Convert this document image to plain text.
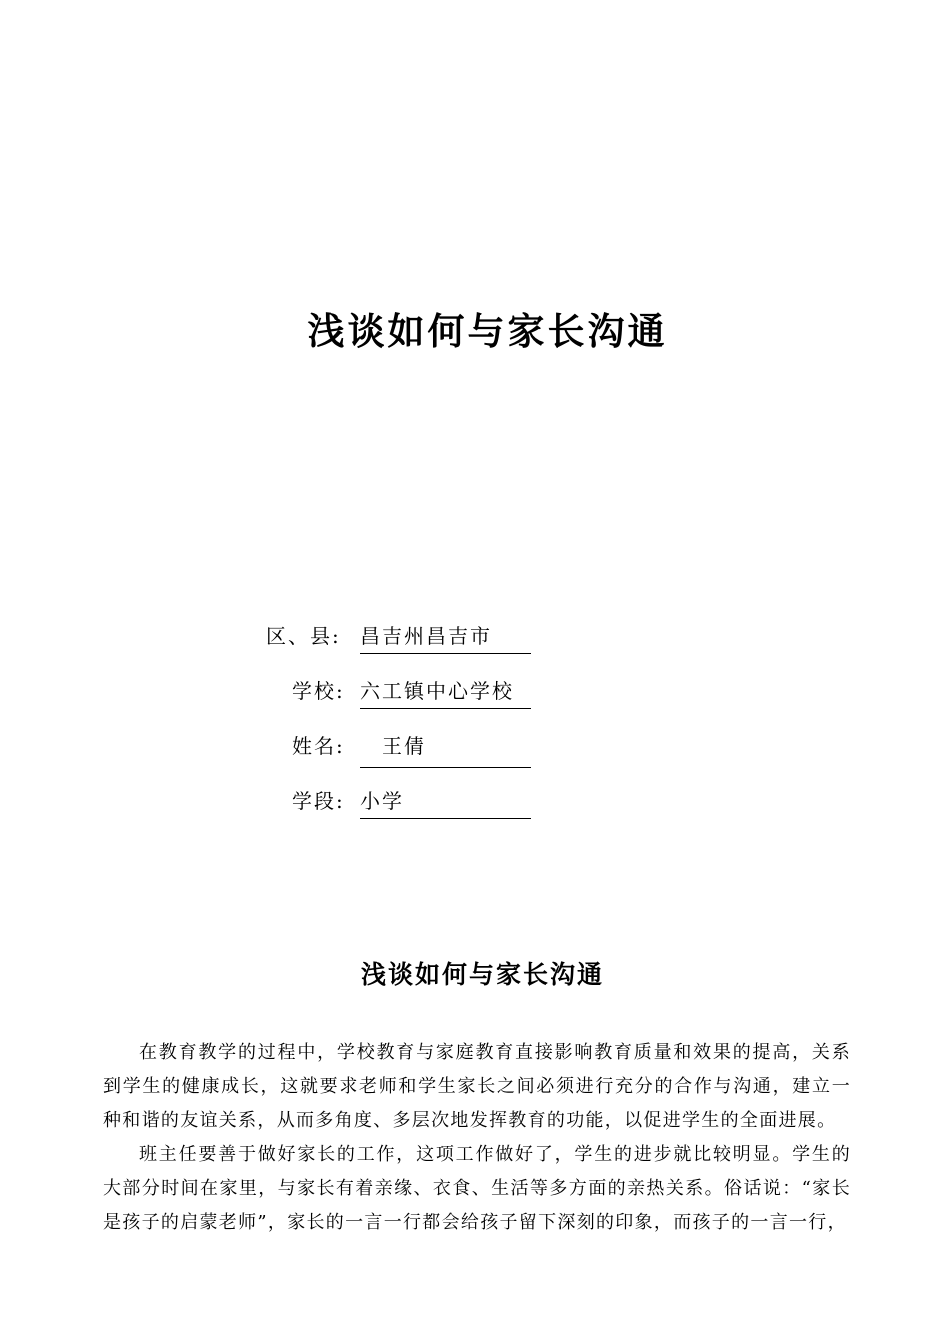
浅谈如何与家长沟通
区、县: 昌吉州昌吉市
学校: 六工镇中心学校
姓名:	王倩
学段: 小学
浅谈如何与家长沟通

在教育教学的过程中，学校教育与家庭教育直接影响教育质量和效果的提高，关系到学生的健康成长，这就要求老师和学生家长之间必须进行充分的合作与沟通，建立一种和谐的友谊关系，从而多角度、多层次地发挥教育的功能，以促进学生的全面进展。

班主任要善于做好家长的工作，这项工作做好了，学生的进步就比较明显。学生的大部分时间在家里，与家长有着亲缘、衣食、生活等多方面的亲热关系。俗话说：“家长是孩子的启蒙老师”，家长的一言一行都会给孩子留下深刻的印象，而孩子的一言一行，
